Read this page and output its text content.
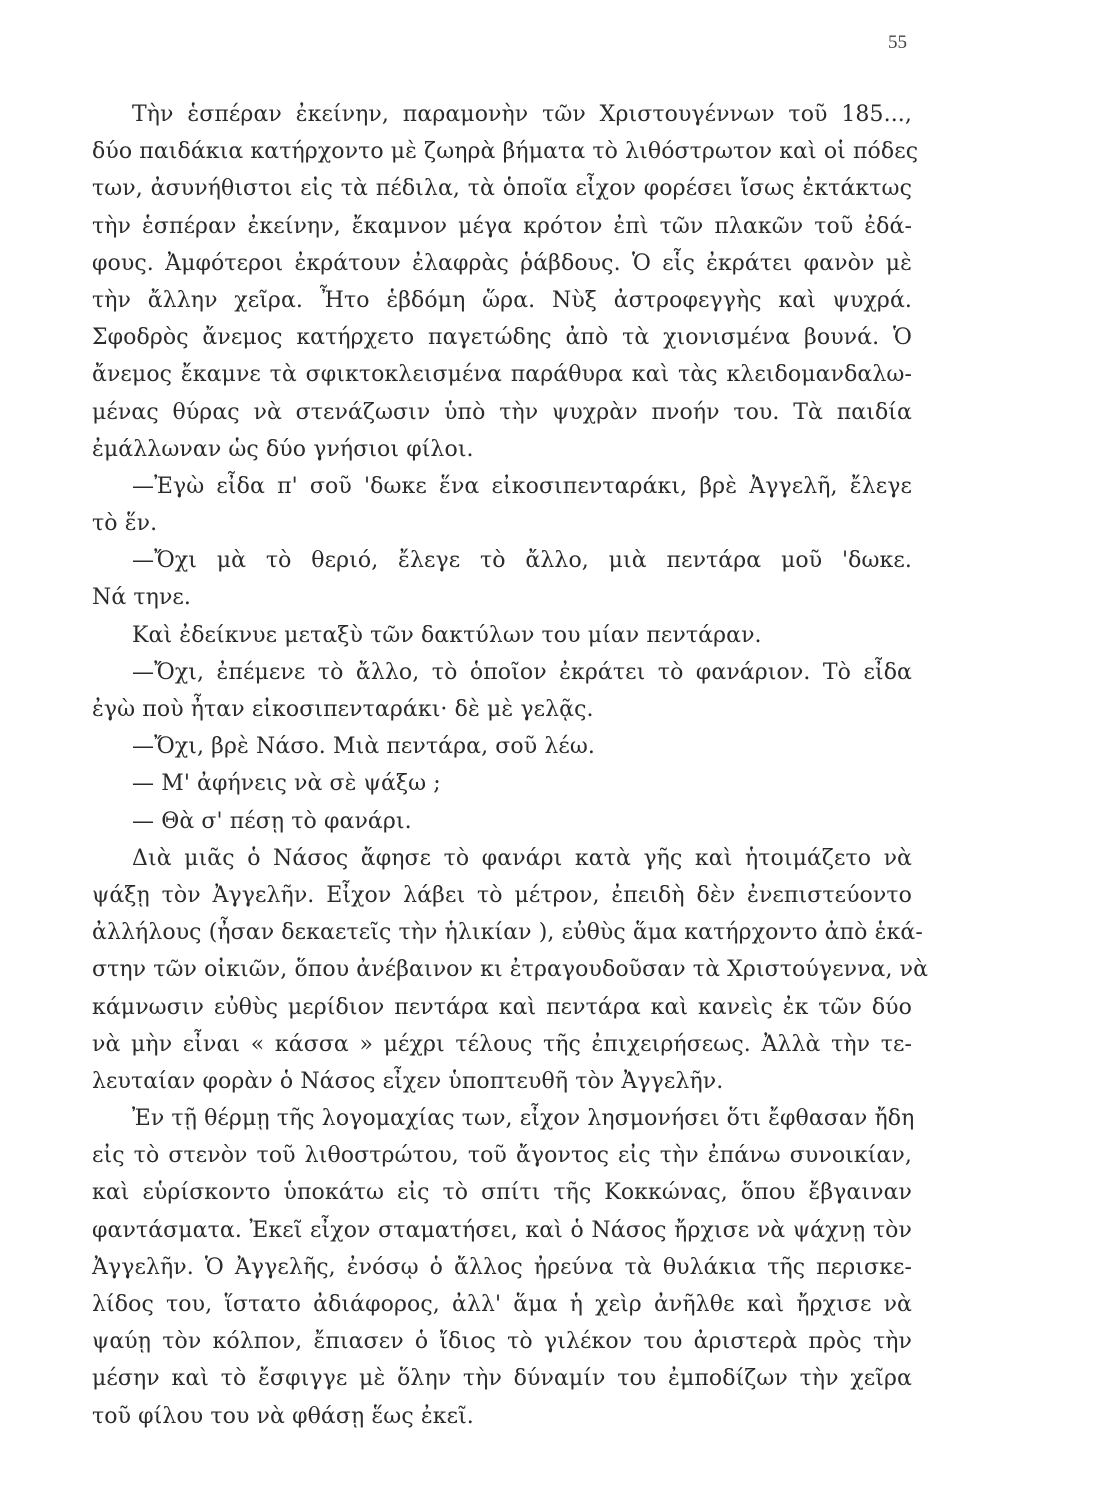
55
Τὴν ἑσπέραν ἐκείνην, παραμονὴν τῶν Χριστουγέννων τοῦ 185...,
δύο παιδάκια κατήρχοντο μὲ ζωηρὰ βήματα τὸ λιθόστρωτον καὶ οἱ πόδες
των, ἀσυνήθιστοι εἰς τὰ πέδιλα, τὰ ὁποῖα εἶχον φορέσει ἴσως ἐκτάκτως
τὴν ἑσπέραν ἐκείνην, ἔκαμνον μέγα κρότον ἐπὶ τῶν πλακῶν τοῦ ἐδά-
φους. Ἀμφότεροι ἐκράτουν ἐλαφρὰς ῥάβδους. Ὁ εἷς ἐκράτει φανὸν μὲ
τὴν ἄλλην χεῖρα. Ἦτο ἑβδόμη ὥρα. Νὺξ ἀστροφεγγὴς καὶ ψυχρά.
Σφοδρὸς ἄνεμος κατήρχετο παγετώδης ἀπὸ τὰ χιονισμένα βουνά. Ὁ
ἄνεμος ἔκαμνε τὰ σφικτοκλεισμένα παράθυρα καὶ τὰς κλειδομανδαλω-
μένας θύρας νὰ στενάζωσιν ὑπὸ τὴν ψυχρὰν πνοήν του. Τὰ παιδία
ἐμάλλωναν ὡς δύο γνήσιοι φίλοι.
—Ἐγὼ εἶδα π' σοῦ 'δωκε ἕνα εἰκοσιπενταράκι, βρὲ Ἀγγελῆ, ἔλεγε
τὸ ἕν.
—Ὄχι μὰ τὸ θεριό, ἔλεγε τὸ ἄλλο, μιὰ πεντάρα μοῦ 'δωκε.
Νά τηνε.
Καὶ ἐδείκνυε μεταξὺ τῶν δακτύλων του μίαν πεντάραν.
—Ὄχι, ἐπέμενε τὸ ἄλλο, τὸ ὁποῖον ἐκράτει τὸ φανάριον. Τὸ εἶδα
ἐγὼ ποὺ ἦταν εἰκοσιπενταράκι· δὲ μὲ γελᾷς.
—Ὄχι, βρὲ Νάσο. Μιὰ πεντάρα, σοῦ λέω.
— Μ' ἀφήνεις νὰ σὲ ψάξω ;
— Θὰ σ' πέσῃ τὸ φανάρι.
Διὰ μιᾶς ὁ Νάσος ἄφησε τὸ φανάρι κατὰ γῆς καὶ ἡτοιμάζετο νὰ
ψάξῃ τὸν Ἀγγελῆν. Εἶχον λάβει τὸ μέτρον, ἐπειδὴ δὲν ἐνεπιστεύοντο
ἀλλήλους (ἦσαν δεκαετεῖς τὴν ἡλικίαν ), εὐθὺς ἅμα κατήρχοντο ἀπὸ ἑκά-
στην τῶν οἰκιῶν, ὅπου ἀνέβαινον κι ἐτραγουδοῦσαν τὰ Χριστούγεννα, νὰ
κάμνωσιν εὐθὺς μερίδιον πεντάρα καὶ πεντάρα καὶ κανεὶς ἐκ τῶν δύο
νὰ μὴν εἶναι « κάσσα » μέχρι τέλους τῆς ἐπιχειρήσεως. Ἀλλὰ τὴν τε-
λευταίαν φορὰν ὁ Νάσος εἶχεν ὑποπτευθῆ τὸν Ἀγγελῆν.
Ἐν τῇ θέρμῃ τῆς λογομαχίας των, εἶχον λησμονήσει ὅτι ἔφθασαν ἤδη
εἰς τὸ στενὸν τοῦ λιθοστρώτου, τοῦ ἄγοντος εἰς τὴν ἐπάνω συνοικίαν,
καὶ εὑρίσκοντο ὑποκάτω εἰς τὸ σπίτι τῆς Κοκκώνας, ὅπου ἔβγαιναν
φαντάσματα. Ἐκεῖ εἶχον σταματήσει, καὶ ὁ Νάσος ἤρχισε νὰ ψάχνῃ τὸν
Ἀγγελῆν. Ὁ Ἀγγελῆς, ἐνόσῳ ὁ ἄλλος ἠρεύνα τὰ θυλάκια τῆς περισκε-
λίδος του, ἵστατο ἀδιάφορος, ἀλλ' ἅμα ἡ χεὶρ ἀνῆλθε καὶ ἤρχισε νὰ
ψαύῃ τὸν κόλπον, ἔπιασεν ὁ ἴδιος τὸ γιλέκον του ἀριστερὰ πρὸς τὴν
μέσην καὶ τὸ ἔσφιγγε μὲ ὅλην τὴν δύναμίν του ἐμποδίζων τὴν χεῖρα
τοῦ φίλου του νὰ φθάσῃ ἕως ἐκεῖ.
